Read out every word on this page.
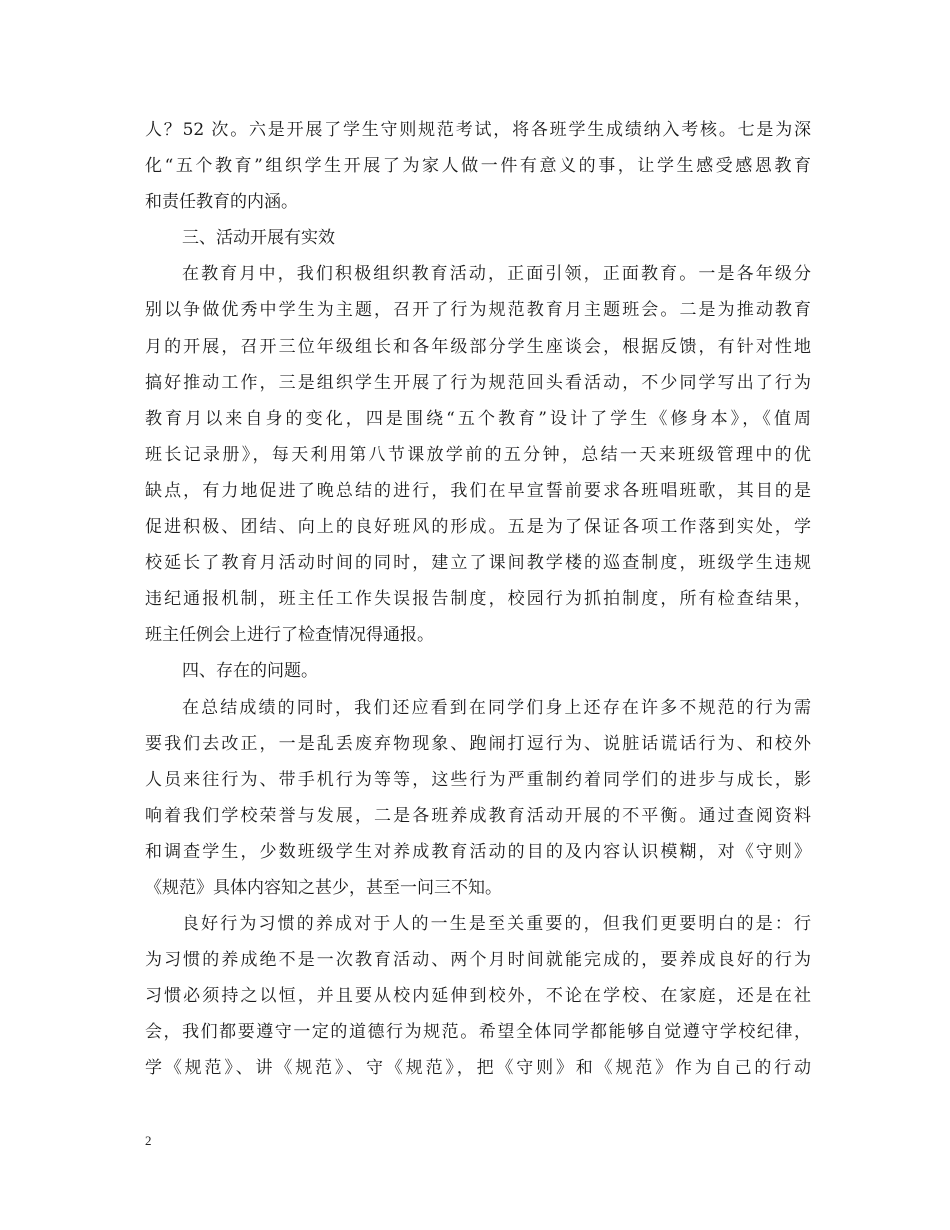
人？52 次。六是开展了学生守则规范考试，将各班学生成绩纳入考核。七是为深
化“五个教育”组织学生开展了为家人做一件有意义的事，让学生感受感恩教育
和责任教育的内涵。
三、活动开展有实效
在教育月中，我们积极组织教育活动，正面引领，正面教育。一是各年级分
别以争做优秀中学生为主题，召开了行为规范教育月主题班会。二是为推动教育
月的开展，召开三位年级组长和各年级部分学生座谈会，根据反馈，有针对性地
搞好推动工作，三是组织学生开展了行为规范回头看活动，不少同学写出了行为
教育月以来自身的变化，四是围绕“五个教育”设计了学生《修身本》，《值周
班长记录册》，每天利用第八节课放学前的五分钟，总结一天来班级管理中的优
缺点，有力地促进了晚总结的进行，我们在早宣誓前要求各班唱班歌，其目的是
促进积极、团结、向上的良好班风的形成。五是为了保证各项工作落到实处，学
校延长了教育月活动时间的同时，建立了课间教学楼的巡查制度，班级学生违规
违纪通报机制，班主任工作失误报告制度，校园行为抓拍制度，所有检查结果，
班主任例会上进行了检查情况得通报。
四、存在的问题。
在总结成绩的同时，我们还应看到在同学们身上还存在许多不规范的行为需
要我们去改正，一是乱丢废弃物现象、跑闹打逗行为、说脏话谎话行为、和校外
人员来往行为、带手机行为等等，这些行为严重制约着同学们的进步与成长，影
响着我们学校荣誉与发展，二是各班养成教育活动开展的不平衡。通过查阅资料
和调查学生，少数班级学生对养成教育活动的目的及内容认识模糊，对《守则》
《规范》具体内容知之甚少，甚至一问三不知。
良好行为习惯的养成对于人的一生是至关重要的，但我们更要明白的是：行
为习惯的养成绝不是一次教育活动、两个月时间就能完成的，要养成良好的行为
习惯必须持之以恒，并且要从校内延伸到校外，不论在学校、在家庭，还是在社
会，我们都要遵守一定的道德行为规范。希望全体同学都能够自觉遵守学校纪律，
学《规范》、讲《规范》、守《规范》，把《守则》和《规范》作为自己的行动
2
